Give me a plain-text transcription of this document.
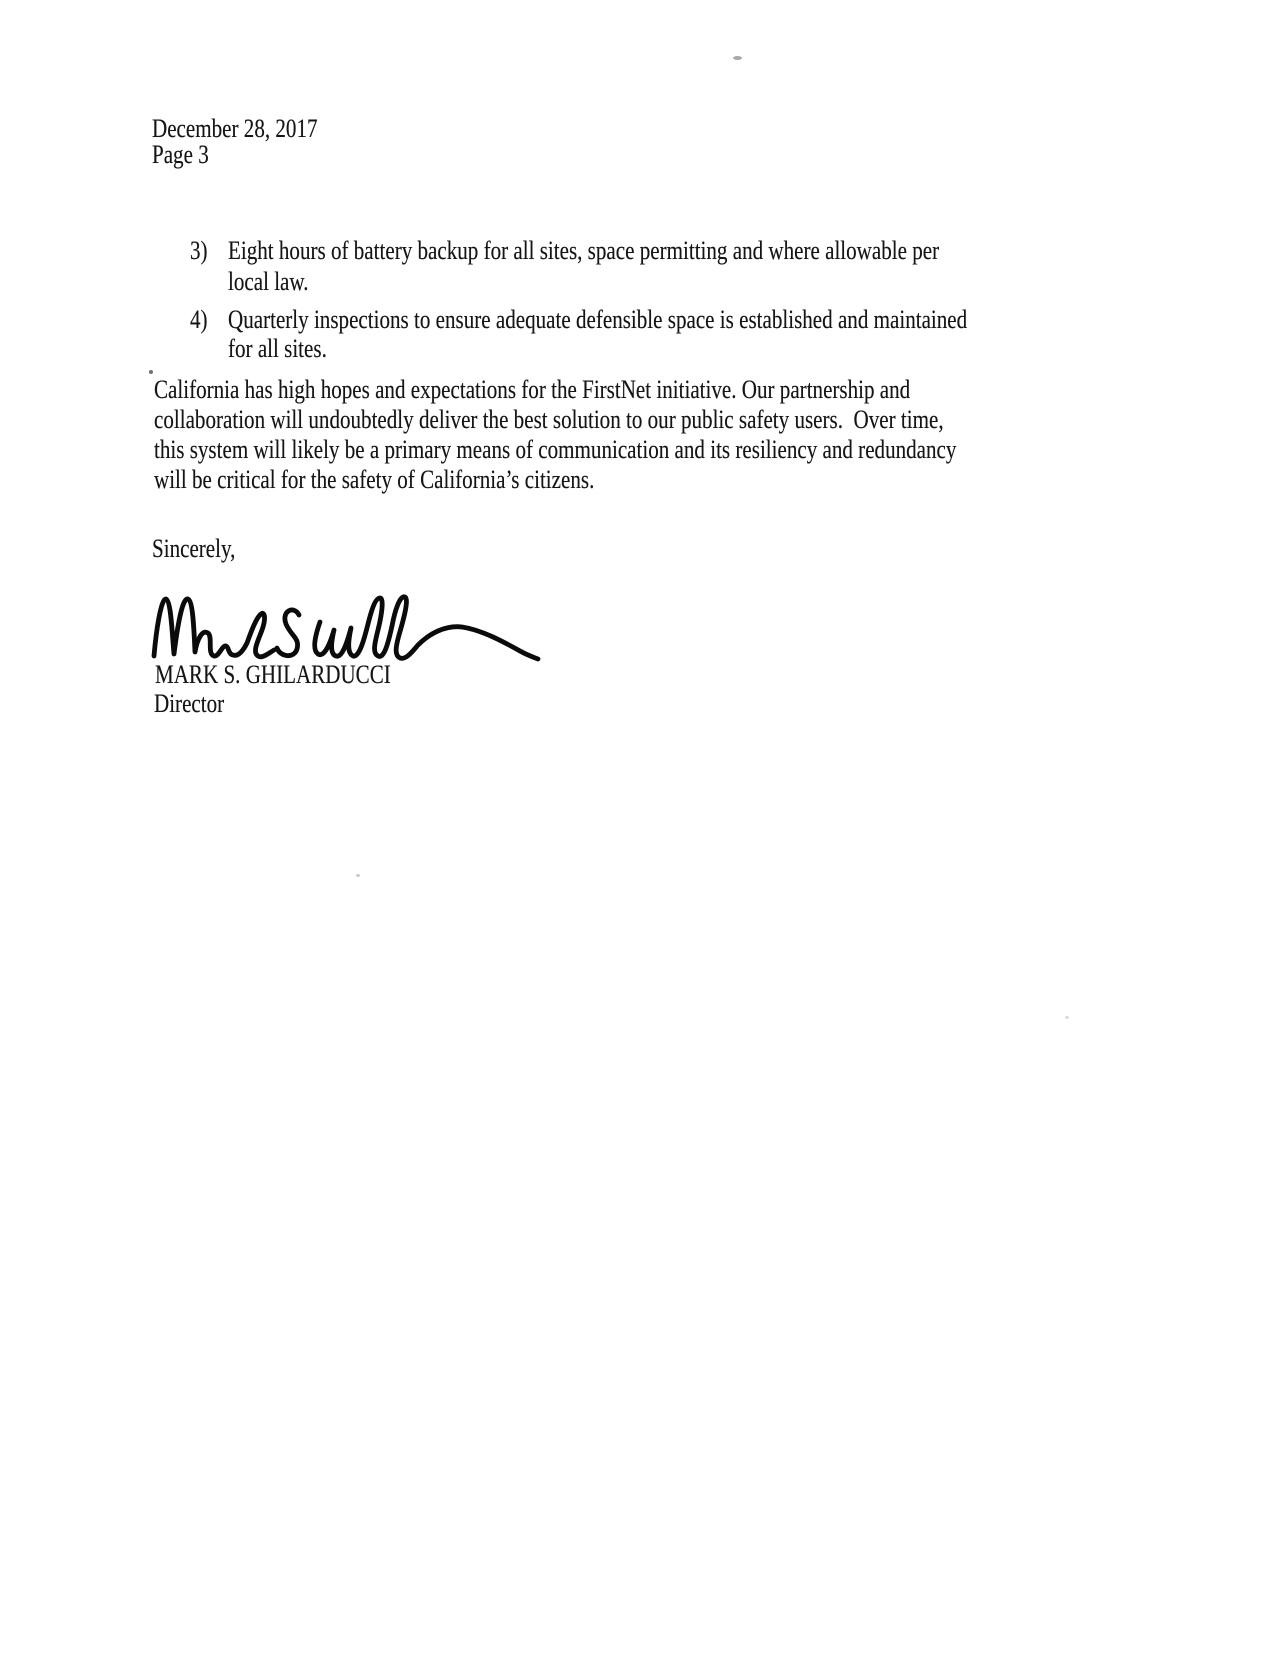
December 28, 2017
Page 3
3) Eight hours of battery backup for all sites, space permitting and where allowable per
local law.
4) Quarterly inspections to ensure adequate defensible space is established and maintained
for all sites.
California has high hopes and expectations for the FirstNet initiative. Our partnership and
collaboration will undoubtedly deliver the best solution to our public safety users.  Over time,
this system will likely be a primary means of communication and its resiliency and redundancy
will be critical for the safety of California’s citizens.
Sincerely,
MARK S. GHILARDUCCI
Director
